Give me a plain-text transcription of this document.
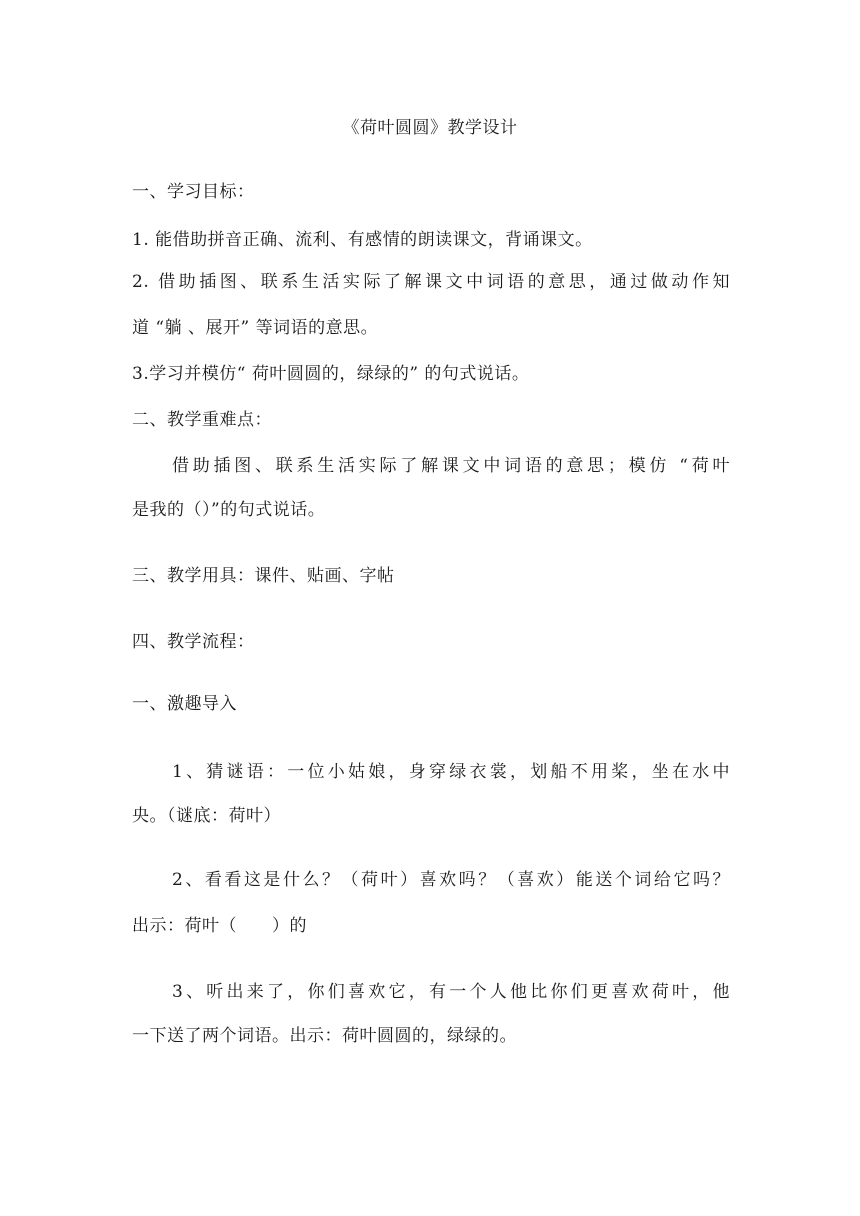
《荷叶圆圆》教学设计
一、学习目标：
1. 能借助拼音正确、流利、有感情的朗读课文，背诵课文。
2. 借助插图、联系生活实际了解课文中词语的意思，通过做动作知
道 “躺 、展开” 等词语的意思。
3.学习并模仿“ 荷叶圆圆的，绿绿的” 的句式说话。
二、教学重难点：
借助插图、联系生活实际了解课文中词语的意思；模仿 “荷叶
是我的（）”的句式说话。
三、教学用具：课件、贴画、字帖
四、教学流程：
一、激趣导入
1、猜谜语：一位小姑娘，身穿绿衣裳，划船不用桨，坐在水中
央。（谜底：荷叶）
2、看看这是什么？（荷叶）喜欢吗？（喜欢）能送个词给它吗？
出示：荷叶（　　）的
3、听出来了，你们喜欢它，有一个人他比你们更喜欢荷叶，他
一下送了两个词语。出示：荷叶圆圆的，绿绿的。
